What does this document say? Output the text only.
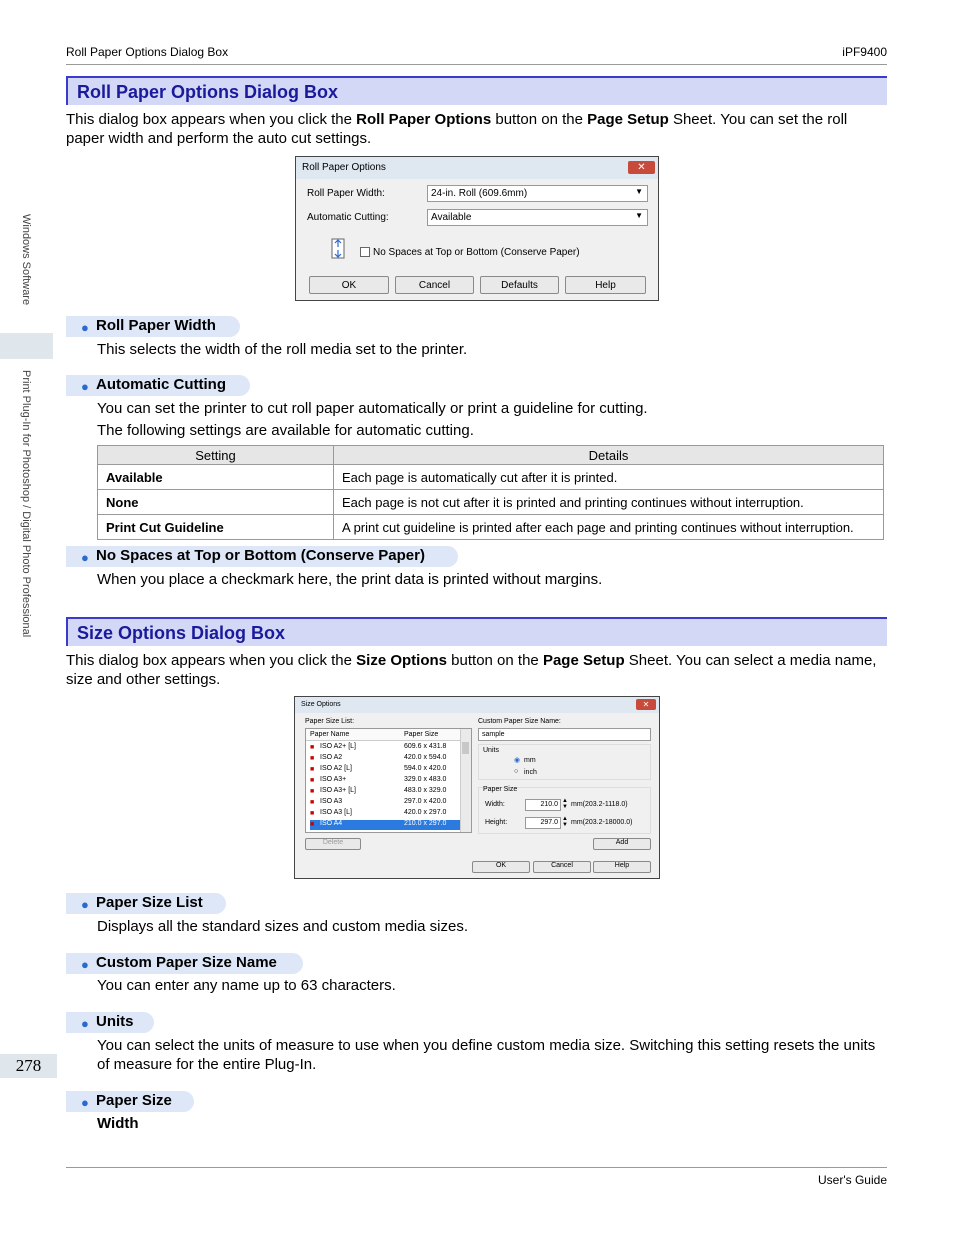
Roll Paper Options Dialog Box	iPF9400
Windows Software
Print Plug-In for Photoshop / Digital Photo Professional
278
Roll Paper Options Dialog Box
This dialog box appears when you click the Roll Paper Options button on the Page Setup Sheet. You can set the roll paper width and perform the auto cut settings.
Roll Paper Options	✕
Roll Paper Width:	24-in. Roll (609.6mm)	▼
Automatic Cutting:	Available	▼
No Spaces at Top or Bottom (Conserve Paper)
OK	Cancel	Defaults	Help
● Roll Paper Width
This selects the width of the roll media set to the printer.
● Automatic Cutting
You can set the printer to cut roll paper automatically or print a guideline for cutting.
The following settings are available for automatic cutting.
Setting	Details
Available	Each page is automatically cut after it is printed.
None	Each page is not cut after it is printed and printing continues without interruption.
Print Cut Guideline	A print cut guideline is printed after each page and printing continues without interruption.
● No Spaces at Top or Bottom (Conserve Paper)
When you place a checkmark here, the print data is printed without margins.
Size Options Dialog Box
This dialog box appears when you click the Size Options button on the Page Setup Sheet. You can select a media name, size and other settings.
Size Options	✕
Paper Size List:
Paper Name	Paper Size
■ ISO A2+ [L]	609.6 x 431.8
■ ISO A2	420.0 x 594.0
■ ISO A2 [L]	594.0 x 420.0
■ ISO A3+	329.0 x 483.0
■ ISO A3+ [L]	483.0 x 329.0
■ ISO A3	297.0 x 420.0
■ ISO A3 [L]	420.0 x 297.0
■ ISO A4	210.0 x 297.0
Delete
Custom Paper Size Name:
sample
Units
◉ mm
○ inch
Paper Size
Width:	210.0 ▲
▼ mm(203.2-1118.0)
Height:	297.0 ▲
▼ mm(203.2-18000.0)
Add
OK	Cancel	Help
● Paper Size List
Displays all the standard sizes and custom media sizes.
● Custom Paper Size Name
You can enter any name up to 63 characters.
● Units
You can select the units of measure to use when you define custom media size. Switching this setting resets the units of measure for the entire Plug-In.
● Paper Size
Width
User's Guide
